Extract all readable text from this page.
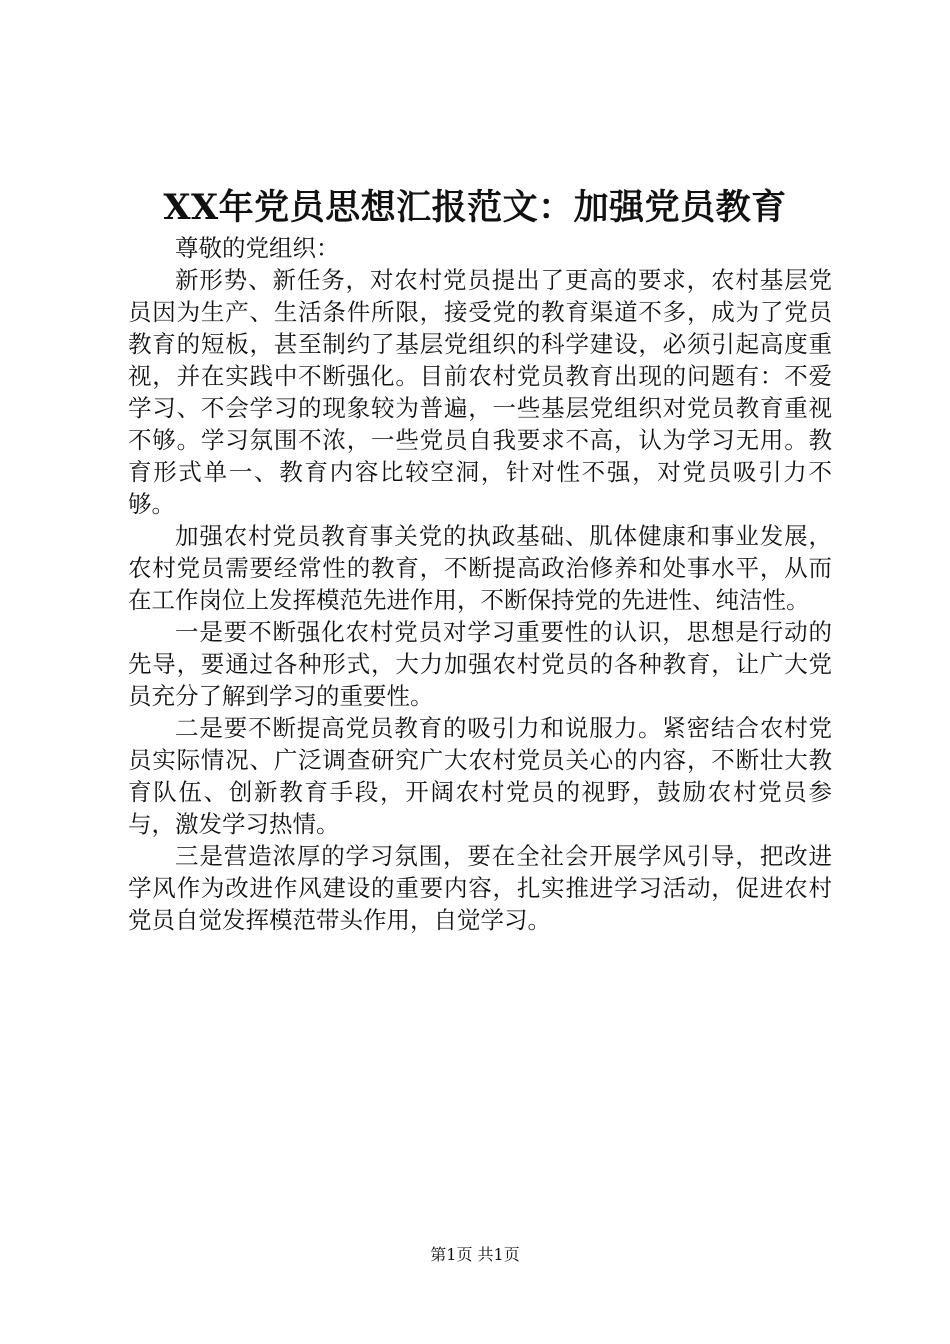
XX年党员思想汇报范文：加强党员教育

尊敬的党组织：

新形势、新任务，对农村党员提出了更高的要求，农村基层党员因为生产、生活条件所限，接受党的教育渠道不多，成为了党员教育的短板，甚至制约了基层党组织的科学建设，必须引起高度重视，并在实践中不断强化。目前农村党员教育出现的问题有：不爱学习、不会学习的现象较为普遍，一些基层党组织对党员教育重视不够。学习氛围不浓，一些党员自我要求不高，认为学习无用。教育形式单一、教育内容比较空洞，针对性不强，对党员吸引力不够。

加强农村党员教育事关党的执政基础、肌体健康和事业发展，农村党员需要经常性的教育，不断提高政治修养和处事水平，从而在工作岗位上发挥模范先进作用，不断保持党的先进性、纯洁性。

一是要不断强化农村党员对学习重要性的认识，思想是行动的先导，要通过各种形式，大力加强农村党员的各种教育，让广大党员充分了解到学习的重要性。

二是要不断提高党员教育的吸引力和说服力。紧密结合农村党员实际情况、广泛调查研究广大农村党员关心的内容，不断壮大教育队伍、创新教育手段，开阔农村党员的视野，鼓励农村党员参与，激发学习热情。

三是营造浓厚的学习氛围，要在全社会开展学风引导，把改进学风作为改进作风建设的重要内容，扎实推进学习活动，促进农村党员自觉发挥模范带头作用，自觉学习。

第1页 共1页
